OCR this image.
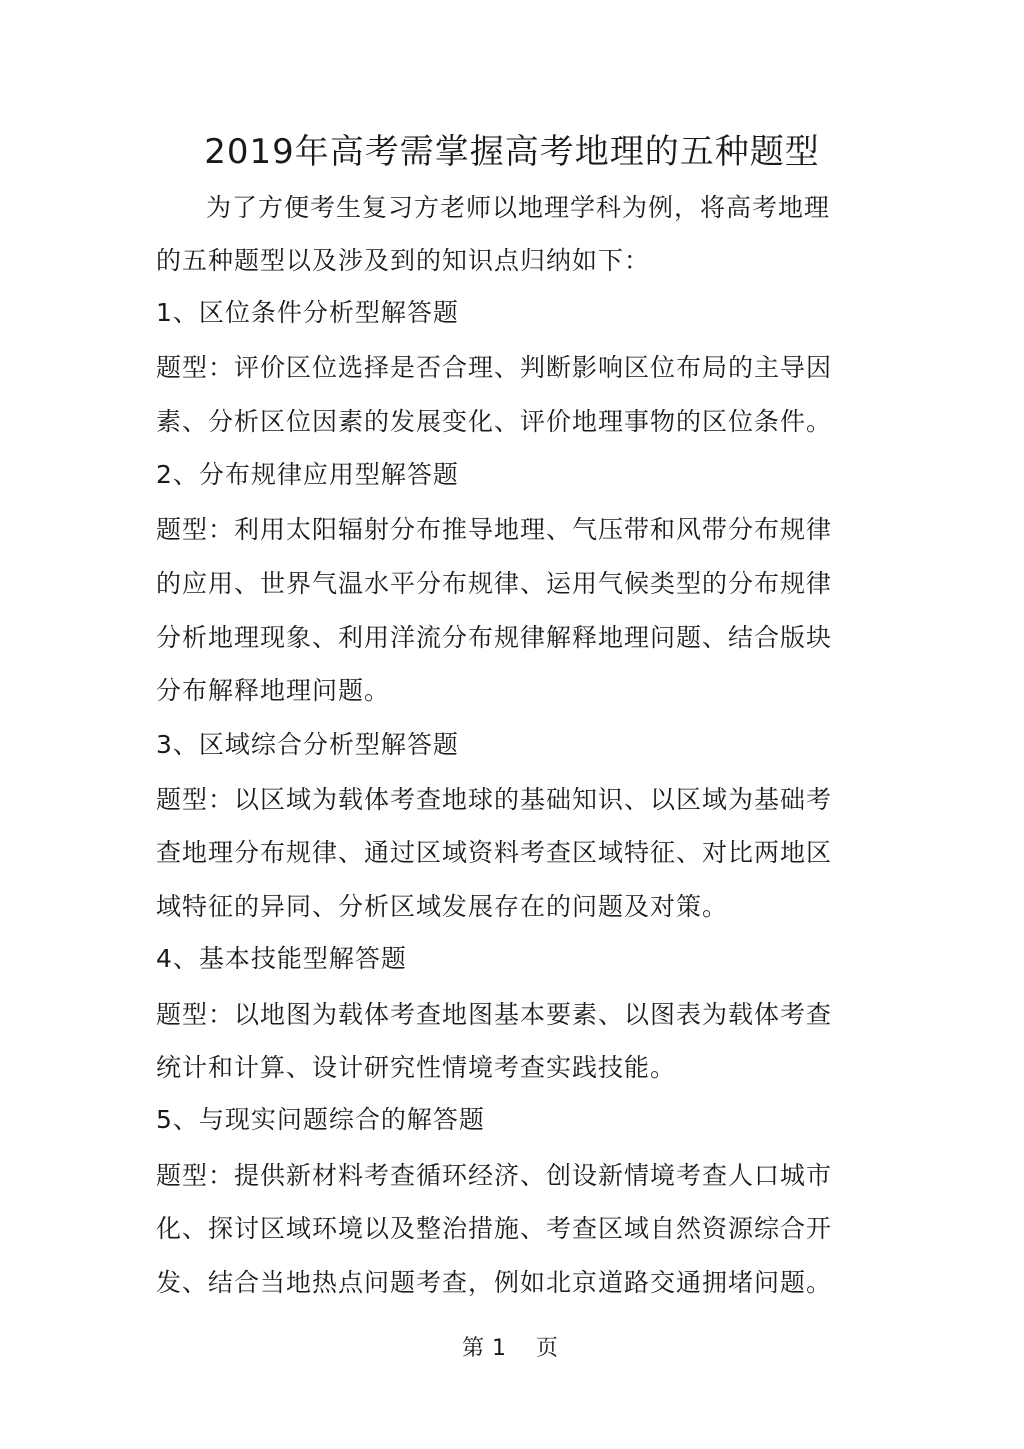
2019年高考需掌握高考地理的五种题型
为了方便考生复习方老师以地理学科为例，将高考地理
的五种题型以及涉及到的知识点归纳如下：
1、区位条件分析型解答题
题型：评价区位选择是否合理、判断影响区位布局的主导因
素、分析区位因素的发展变化、评价地理事物的区位条件。
2、分布规律应用型解答题
题型：利用太阳辐射分布推导地理、气压带和风带分布规律
的应用、世界气温水平分布规律、运用气候类型的分布规律
分析地理现象、利用洋流分布规律解释地理问题、结合版块
分布解释地理问题。
3、区域综合分析型解答题
题型：以区域为载体考查地球的基础知识、以区域为基础考
查地理分布规律、通过区域资料考查区域特征、对比两地区
域特征的异同、分析区域发展存在的问题及对策。
4、基本技能型解答题
题型：以地图为载体考查地图基本要素、以图表为载体考查
统计和计算、设计研究性情境考查实践技能。
5、与现实问题综合的解答题
题型：提供新材料考查循环经济、创设新情境考查人口城市
化、探讨区域环境以及整治措施、考查区域自然资源综合开
发、结合当地热点问题考查，例如北京道路交通拥堵问题。
第 1 页
